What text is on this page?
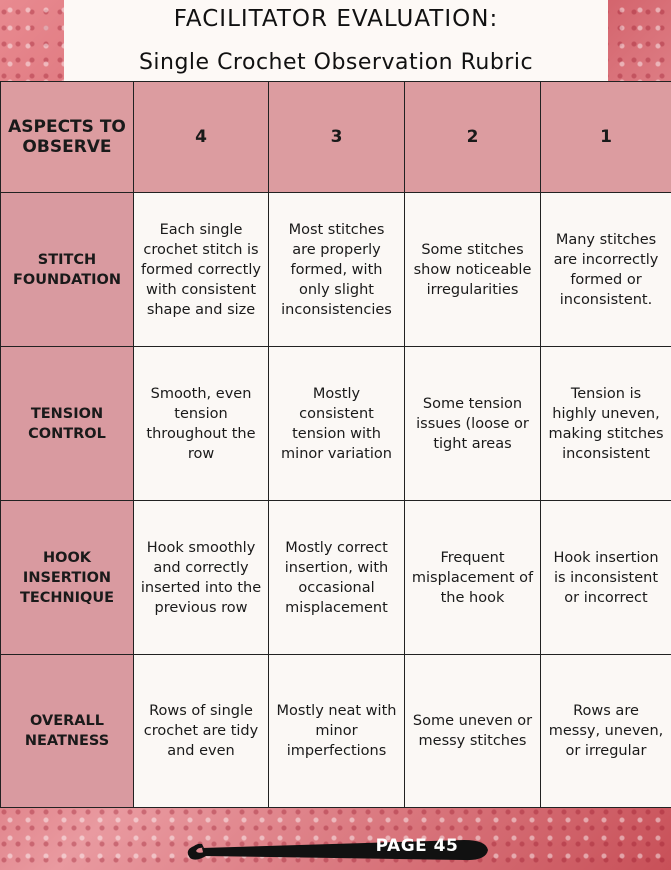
FACILITATOR EVALUATION:
Single Crochet Observation Rubric
ASPECTS TO OBSERVE	4	3	2	1
STITCH FOUNDATION	Each single crochet stitch is formed correctly with consistent shape and size	Most stitches are properly formed, with only slight inconsistencies	Some stitches show noticeable irregularities	Many stitches are incorrectly formed or inconsistent.
TENSION CONTROL	Smooth, even tension throughout the row	Mostly consistent tension with minor variation	Some tension issues (loose or tight areas	Tension is highly uneven, making stitches inconsistent
HOOK INSERTION TECHNIQUE	Hook smoothly and correctly inserted into the previous row	Mostly correct insertion, with occasional misplacement	Frequent misplacement of the hook	Hook insertion is inconsistent or incorrect
OVERALL NEATNESS	Rows of single crochet are tidy and even	Mostly neat with minor imperfections	Some uneven or messy stitches	Rows are messy, uneven, or irregular
PAGE 45
